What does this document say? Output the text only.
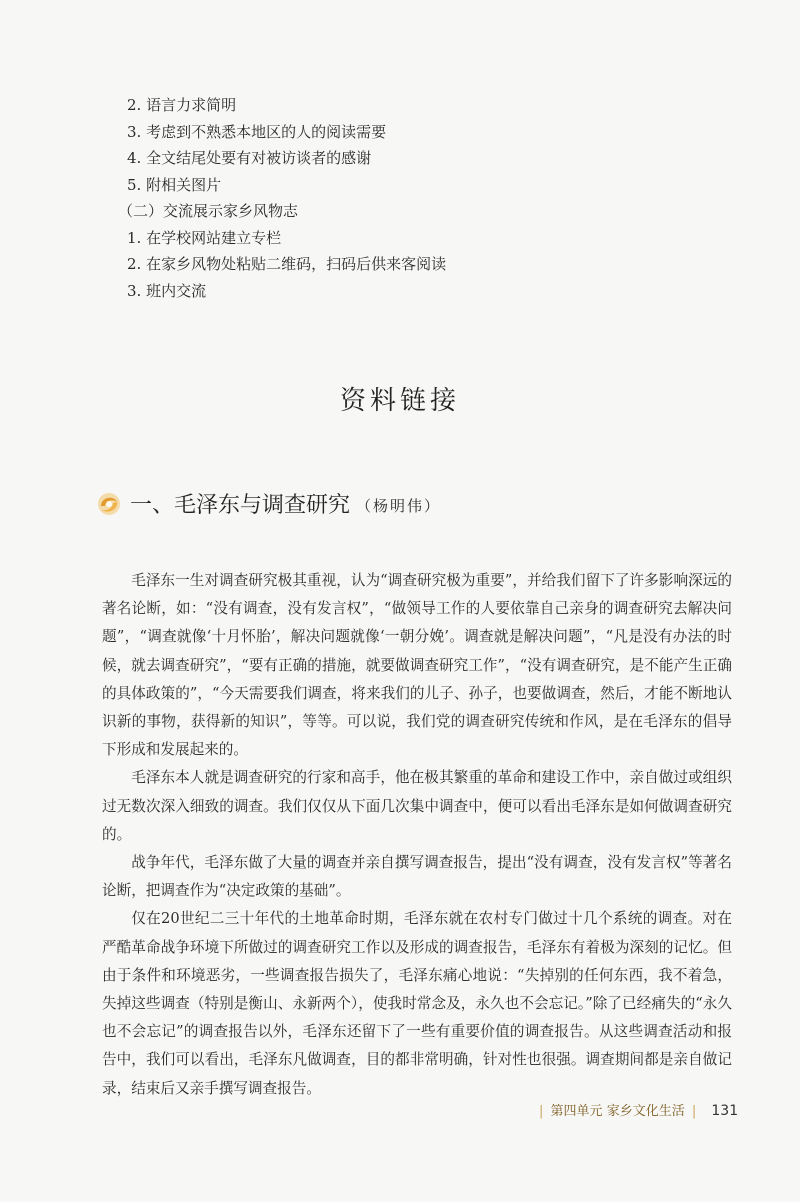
2. 语言力求简明
3. 考虑到不熟悉本地区的人的阅读需要
4. 全文结尾处要有对被访谈者的感谢
5. 附相关图片
（二）交流展示家乡风物志
1. 在学校网站建立专栏
2. 在家乡风物处粘贴二维码，扫码后供来客阅读
3. 班内交流
资料链接
一、毛泽东与调查研究 （杨明伟）

毛泽东一生对调查研究极其重视，认为“调查研究极为重要”，并给我们留下了许多影响深远的著名论断，如：“没有调查，没有发言权”，“做领导工作的人要依靠自己亲身的调查研究去解决问题”，“调查就像‘十月怀胎’，解决问题就像‘一朝分娩’。调查就是解决问题”，“凡是没有办法的时候，就去调查研究”，“要有正确的措施，就要做调查研究工作”，“没有调查研究，是不能产生正确的具体政策的”，“今天需要我们调查，将来我们的儿子、孙子，也要做调查，然后，才能不断地认识新的事物，获得新的知识”，等等。可以说，我们党的调查研究传统和作风，是在毛泽东的倡导下形成和发展起来的。

毛泽东本人就是调查研究的行家和高手，他在极其繁重的革命和建设工作中，亲自做过或组织过无数次深入细致的调查。我们仅仅从下面几次集中调查中，便可以看出毛泽东是如何做调查研究的。

战争年代，毛泽东做了大量的调查并亲自撰写调查报告，提出“没有调查，没有发言权”等著名论断，把调查作为“决定政策的基础”。

仅在20世纪二三十年代的土地革命时期，毛泽东就在农村专门做过十几个系统的调查。对在严酷革命战争环境下所做过的调查研究工作以及形成的调查报告，毛泽东有着极为深刻的记忆。但由于条件和环境恶劣，一些调查报告损失了，毛泽东痛心地说：“失掉别的任何东西，我不着急，失掉这些调查（特别是衡山、永新两个），使我时常念及，永久也不会忘记。”除了已经痛失的“永久也不会忘记”的调查报告以外，毛泽东还留下了一些有重要价值的调查报告。从这些调查活动和报告中，我们可以看出，毛泽东凡做调查，目的都非常明确，针对性也很强。调查期间都是亲自做记录，结束后又亲手撰写调查报告。

| 第四单元 家乡文化生活 | 131
